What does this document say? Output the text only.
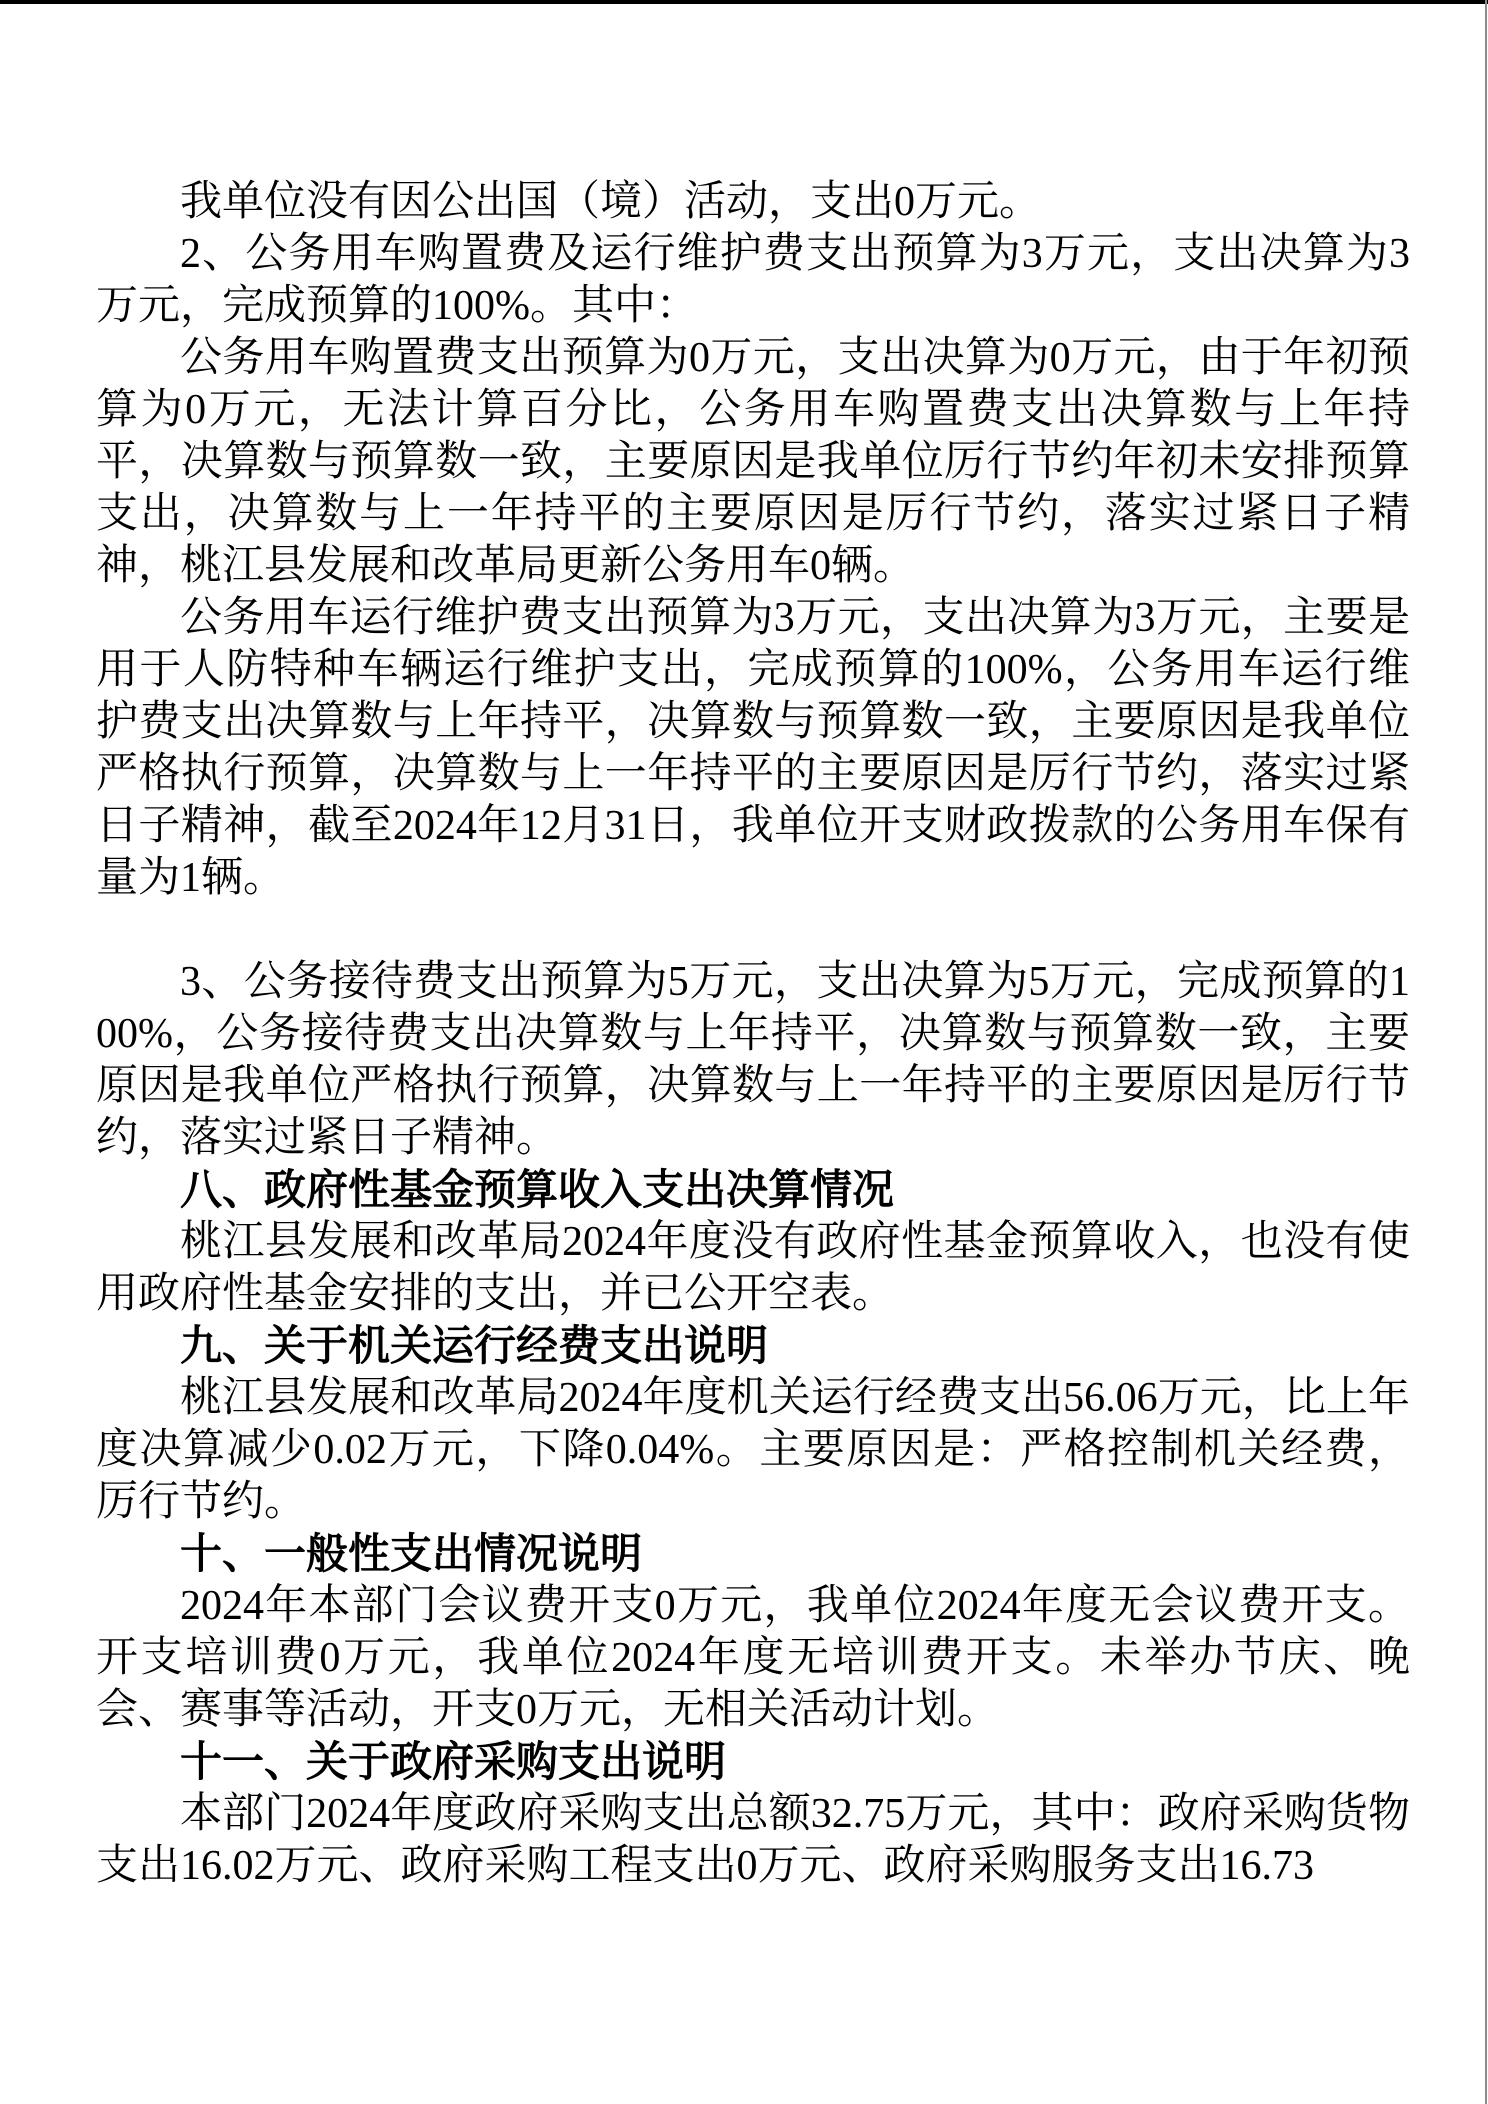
我单位没有因公出国（境）活动，支出0万元。

2、公务用车购置费及运行维护费支出预算为3万元，支出决算为3万元，完成预算的100%。其中：

公务用车购置费支出预算为0万元，支出决算为0万元，由于年初预算为0万元，无法计算百分比，公务用车购置费支出决算数与上年持平，决算数与预算数一致，主要原因是我单位厉行节约年初未安排预算支出，决算数与上一年持平的主要原因是厉行节约，落实过紧日子精神，桃江县发展和改革局更新公务用车0辆。

公务用车运行维护费支出预算为3万元，支出决算为3万元，主要是用于人防特种车辆运行维护支出，完成预算的100%，公务用车运行维护费支出决算数与上年持平，决算数与预算数一致，主要原因是我单位严格执行预算，决算数与上一年持平的主要原因是厉行节约，落实过紧日子精神，截至2024年12月31日，我单位开支财政拨款的公务用车保有量为1辆。

3、公务接待费支出预算为5万元，支出决算为5万元，完成预算的100%，公务接待费支出决算数与上年持平，决算数与预算数一致，主要原因是我单位严格执行预算，决算数与上一年持平的主要原因是厉行节约，落实过紧日子精神。

八、政府性基金预算收入支出决算情况

桃江县发展和改革局2024年度没有政府性基金预算收入，也没有使用政府性基金安排的支出，并已公开空表。

九、关于机关运行经费支出说明

桃江县发展和改革局2024年度机关运行经费支出56.06万元，比上年度决算减少0.02万元，下降0.04%。主要原因是：严格控制机关经费，厉行节约。

十、一般性支出情况说明

2024年本部门会议费开支0万元，我单位2024年度无会议费开支。开支培训费0万元，我单位2024年度无培训费开支。未举办节庆、晚会、赛事等活动，开支0万元，无相关活动计划。

十一、关于政府采购支出说明

本部门2024年度政府采购支出总额32.75万元，其中：政府采购货物支出16.02万元、政府采购工程支出0万元、政府采购服务支出16.73
